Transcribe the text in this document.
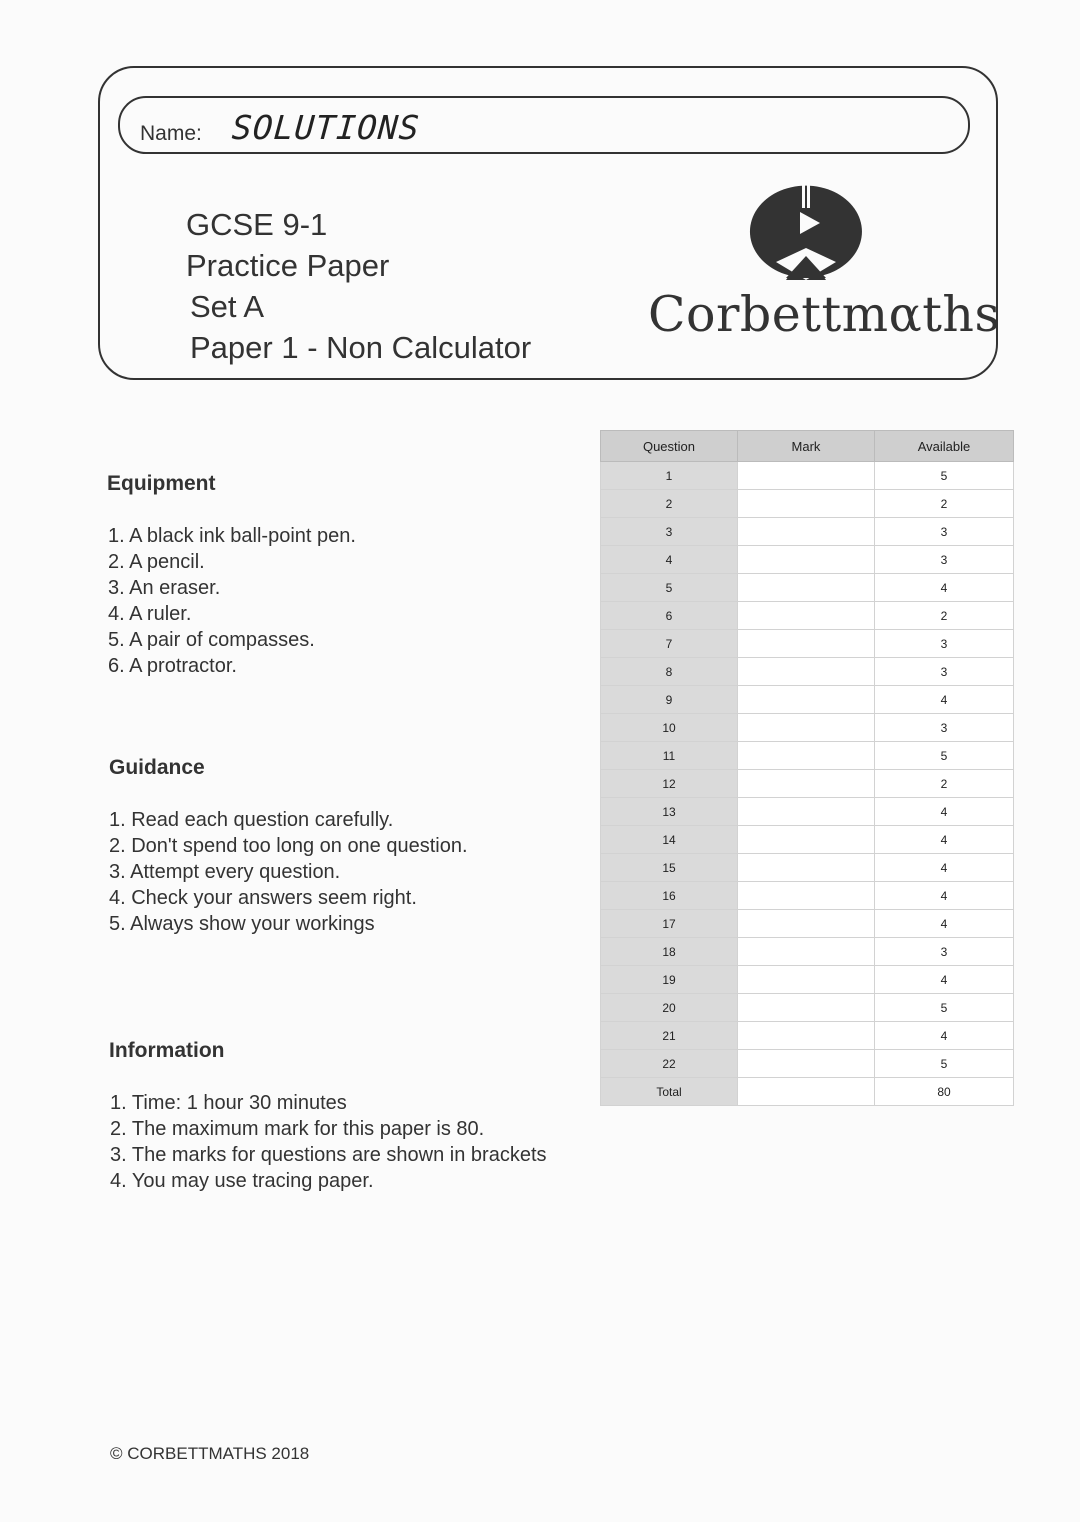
Name: SOLUTIONS
GCSE 9-1
Practice Paper
Set A
Paper 1 - Non Calculator
Corbettmαths
Equipment
1. A black ink ball-point pen.
2. A pencil.
3. An eraser.
4. A ruler.
5. A pair of compasses.
6. A protractor.
Guidance
1. Read each question carefully.
2. Don't spend too long on one question.
3. Attempt every question.
4. Check your answers seem right.
5. Always show your workings
Information
1. Time: 1 hour 30 minutes
2. The maximum mark for this paper is 80.
3. The marks for questions are shown in brackets
4. You may use tracing paper.
Question	Mark	Available
1		5
2		2
3		3
4		3
5		4
6		2
7		3
8		3
9		4
10		3
11		5
12		2
13		4
14		4
15		4
16		4
17		4
18		3
19		4
20		5
21		4
22		5
Total		80
© CORBETTMATHS 2018
